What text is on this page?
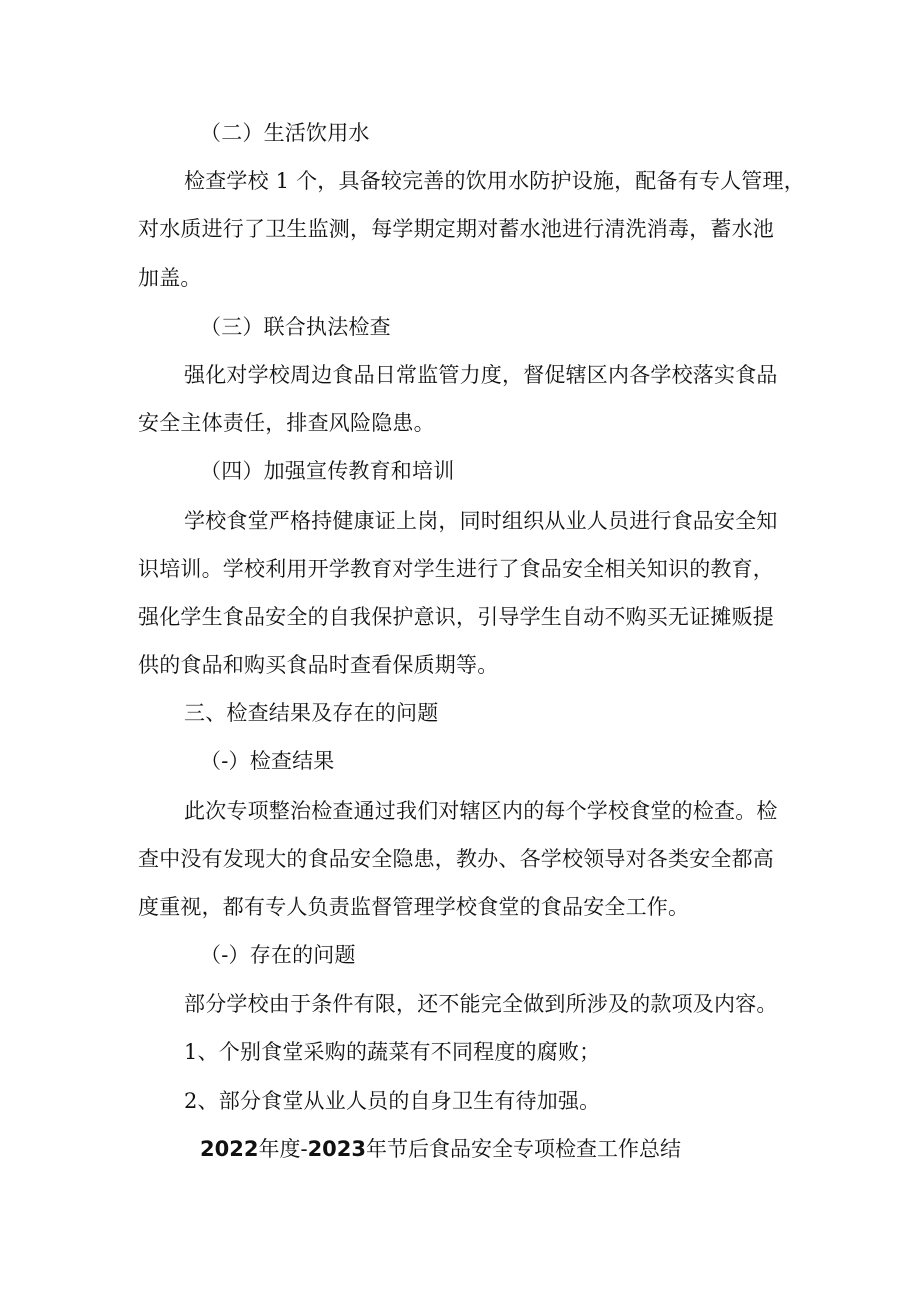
（二）生活饮用水
检查学校 1 个，具备较完善的饮用水防护设施，配备有专人管理，
对水质进行了卫生监测，每学期定期对蓄水池进行清洗消毒，蓄水池
加盖。
（三）联合执法检查
强化对学校周边食品日常监管力度，督促辖区内各学校落实食品
安全主体责任，排查风险隐患。
（四）加强宣传教育和培训
学校食堂严格持健康证上岗，同时组织从业人员进行食品安全知
识培训。学校利用开学教育对学生进行了食品安全相关知识的教育，
强化学生食品安全的自我保护意识，引导学生自动不购买无证摊贩提
供的食品和购买食品时查看保质期等。
三、检查结果及存在的问题
（-）检查结果
此次专项整治检查通过我们对辖区内的每个学校食堂的检查。检
查中没有发现大的食品安全隐患，教办、各学校领导对各类安全都高
度重视，都有专人负责监督管理学校食堂的食品安全工作。
（-）存在的问题
部分学校由于条件有限，还不能完全做到所涉及的款项及内容。
1、个别食堂采购的蔬菜有不同程度的腐败；
2、部分食堂从业人员的自身卫生有待加强。
2022年度-2023年节后食品安全专项检查工作总结
